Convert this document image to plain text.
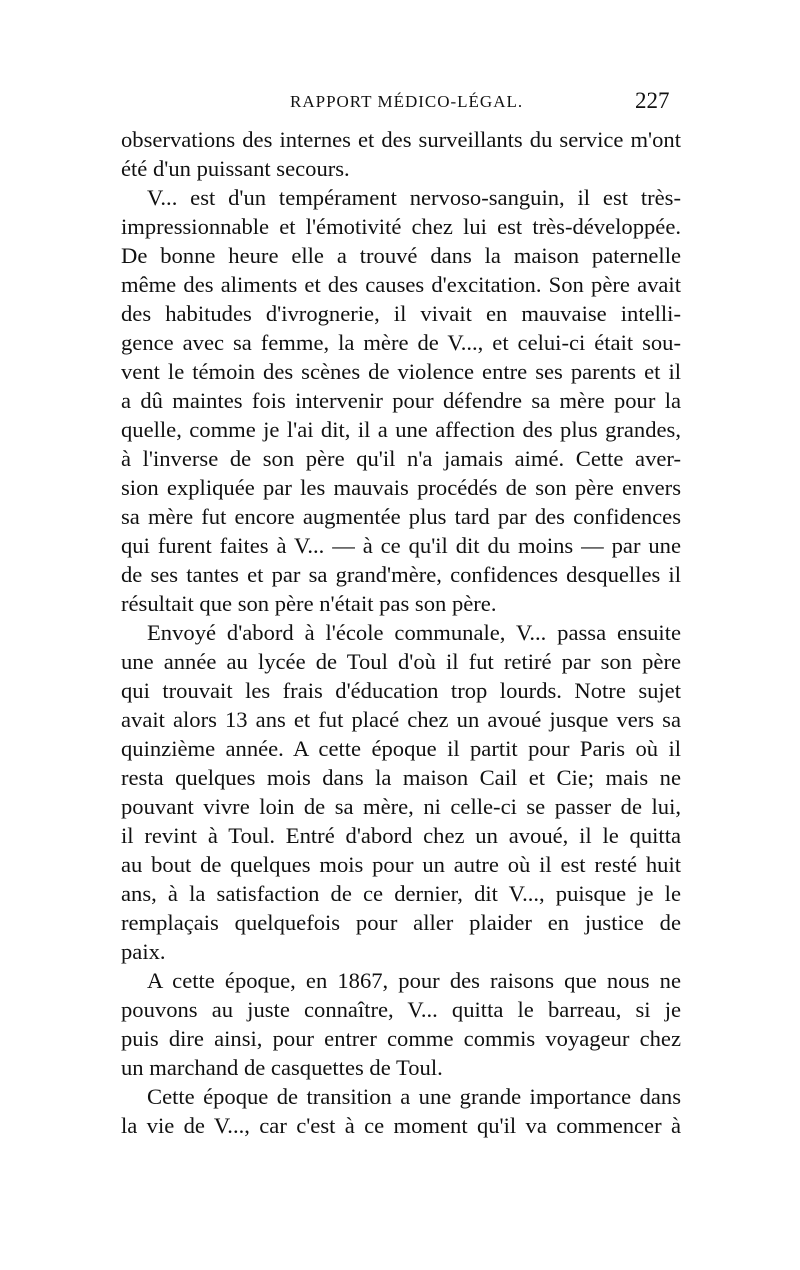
RAPPORT MÉDICO-LÉGAL.	227
observations des internes et des surveillants du service m'ont
été d'un puissant secours.
V... est d'un tempérament nervoso-sanguin, il est très-
impressionnable et l'émotivité chez lui est très-développée.
De bonne heure elle a trouvé dans la maison paternelle
même des aliments et des causes d'excitation. Son père avait
des habitudes d'ivrognerie, il vivait en mauvaise intelli-
gence avec sa femme, la mère de V..., et celui-ci était sou-
vent le témoin des scènes de violence entre ses parents et il
a dû maintes fois intervenir pour défendre sa mère pour la
quelle, comme je l'ai dit, il a une affection des plus grandes,
à l'inverse de son père qu'il n'a jamais aimé. Cette aver-
sion expliquée par les mauvais procédés de son père envers
sa mère fut encore augmentée plus tard par des confidences
qui furent faites à V... — à ce qu'il dit du moins — par une
de ses tantes et par sa grand'mère, confidences desquelles il
résultait que son père n'était pas son père.
Envoyé d'abord à l'école communale, V... passa ensuite
une année au lycée de Toul d'où il fut retiré par son père
qui trouvait les frais d'éducation trop lourds. Notre sujet
avait alors 13 ans et fut placé chez un avoué jusque vers sa
quinzième année. A cette époque il partit pour Paris où il
resta quelques mois dans la maison Cail et Cie; mais ne
pouvant vivre loin de sa mère, ni celle-ci se passer de lui,
il revint à Toul. Entré d'abord chez un avoué, il le quitta
au bout de quelques mois pour un autre où il est resté huit
ans, à la satisfaction de ce dernier, dit V..., puisque je le
remplaçais quelquefois pour aller plaider en justice de
paix.
A cette époque, en 1867, pour des raisons que nous ne
pouvons au juste connaître, V... quitta le barreau, si je
puis dire ainsi, pour entrer comme commis voyageur chez
un marchand de casquettes de Toul.
Cette époque de transition a une grande importance dans
la vie de V..., car c'est à ce moment qu'il va commencer à
